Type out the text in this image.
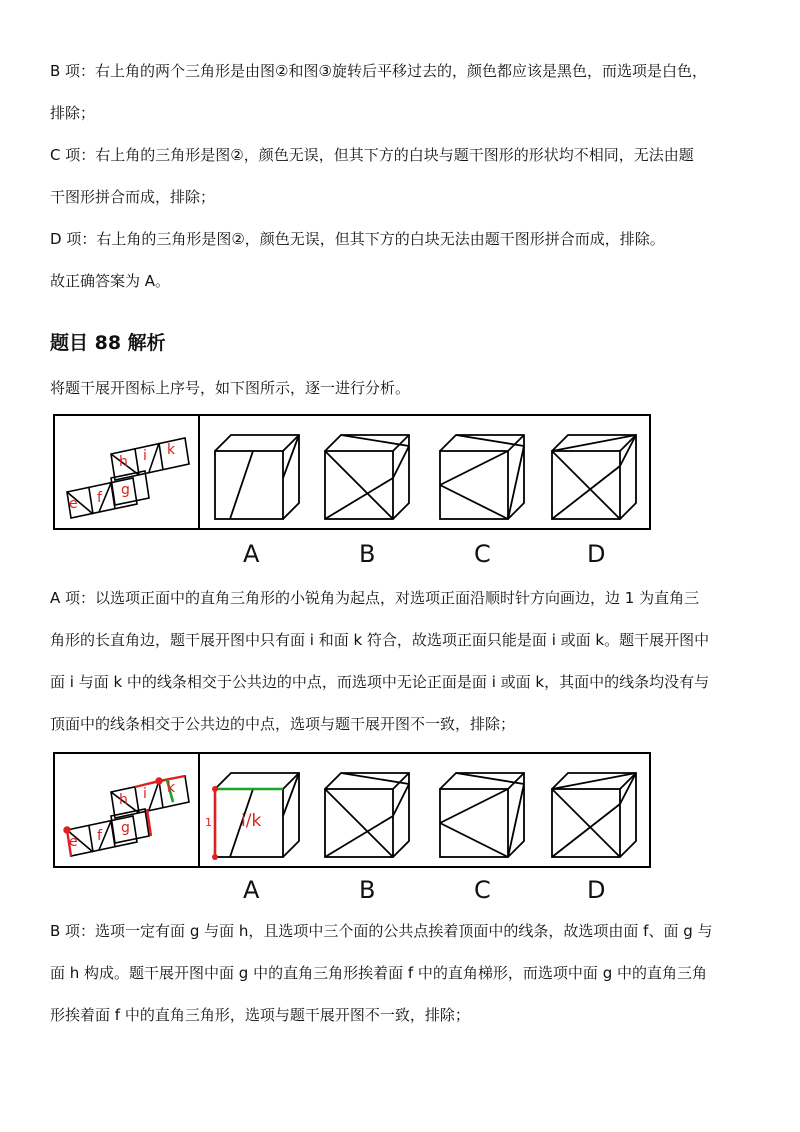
B 项：右上角的两个三角形是由图②和图③旋转后平移过去的，颜色都应该是黑色，而选项是白色，
排除；
C 项：右上角的三角形是图②，颜色无误，但其下方的白块与题干图形的形状均不相同，无法由题
干图形拼合而成，排除；
D 项：右上角的三角形是图②，颜色无误，但其下方的白块无法由题干图形拼合而成，排除。
故正确答案为 A。
题目 88 解析
将题干展开图标上序号，如下图所示，逐一进行分析。
e f g
h i k
A	B	C	D
A 项：以选项正面中的直角三角形的小锐角为起点，对选项正面沿顺时针方向画边，边 1 为直角三
角形的长直角边，题干展开图中只有面 i 和面 k 符合，故选项正面只能是面 i 或面 k。题干展开图中
面 i 与面 k 中的线条相交于公共边的中点，而选项中无论正面是面 i 或面 k，其面中的线条均没有与
顶面中的线条相交于公共边的中点，选项与题干展开图不一致，排除；
e f g
h i k
1 i/k
A	B	C	D
B 项：选项一定有面 g 与面 h，且选项中三个面的公共点挨着顶面中的线条，故选项由面 f、面 g 与
面 h 构成。题干展开图中面 g 中的直角三角形挨着面 f 中的直角梯形，而选项中面 g 中的直角三角
形挨着面 f 中的直角三角形，选项与题干展开图不一致，排除；
